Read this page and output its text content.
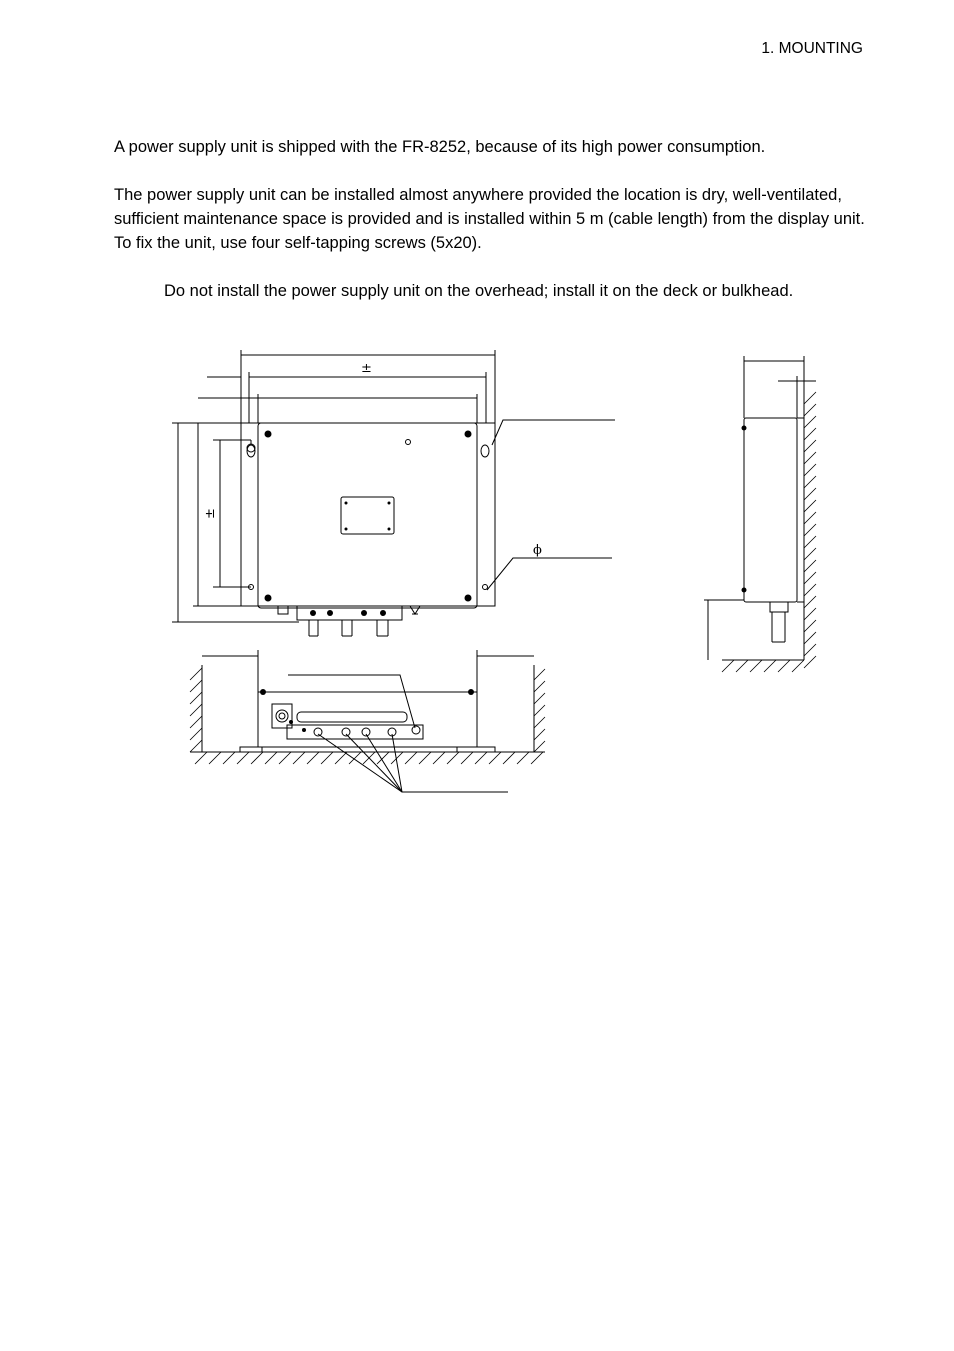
1. MOUNTING

A power supply unit is shipped with the FR-8252, because of its high power consumption.

The power supply unit can be installed almost anywhere provided the location is dry, well-ventilated, sufficient maintenance space is provided and is installed within 5 m (cable length) from the display unit. To fix the unit, use four self-tapping screws (5x20).

Do not install the power supply unit on the overhead; install it on the deck or bulkhead.

±
±
ϕ
